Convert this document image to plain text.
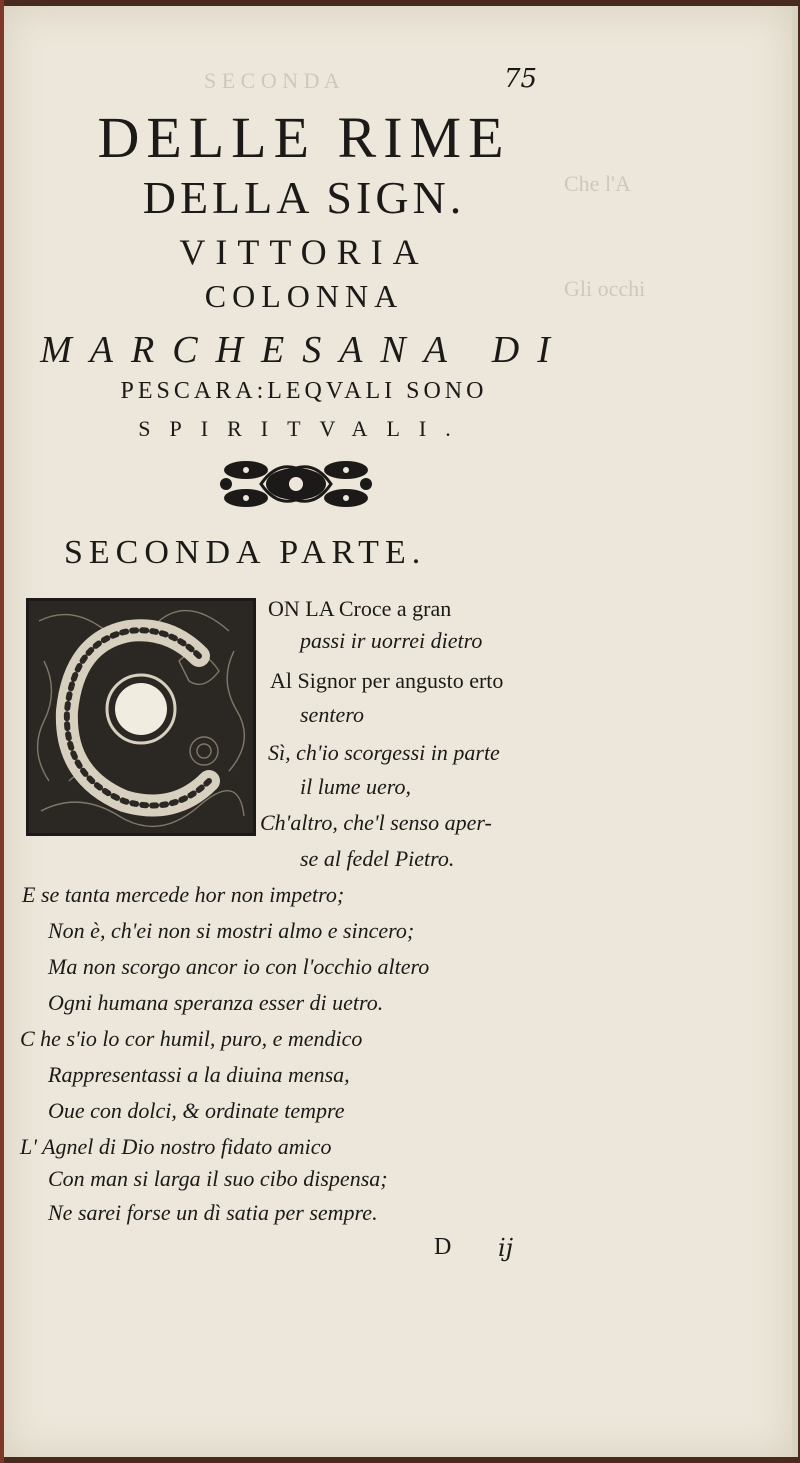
S E C O N D A
Che l'A
Gli occhi
75
DELLE RIME
DELLA SIGN.
VITTORIA
COLONNA
MARCHESANA DI
PESCARA:LEQVALI SONO
SPIRITVALI.
SECONDA PARTE.
ON LA Croce a gran
passi ir uorrei dietro
Al Signor per angusto erto
sentero
Sì, ch'io scorgessi in parte
il lume uero,
Ch'altro, che'l senso aper-
se al fedel Pietro.
E se tanta mercede hor non impetro;
Non è, ch'ei non si mostri almo e sincero;
Ma non scorgo ancor io con l'occhio altero
Ogni humana speranza esser di uetro.
C he s'io lo cor humil, puro, e mendico
Rappresentassi a la diuina mensa,
Oue con dolci, & ordinate tempre
L' Agnel di Dio nostro fidato amico
Con man si larga il suo cibo dispensa;
Ne sarei forse un dì satia per sempre.
D ij
